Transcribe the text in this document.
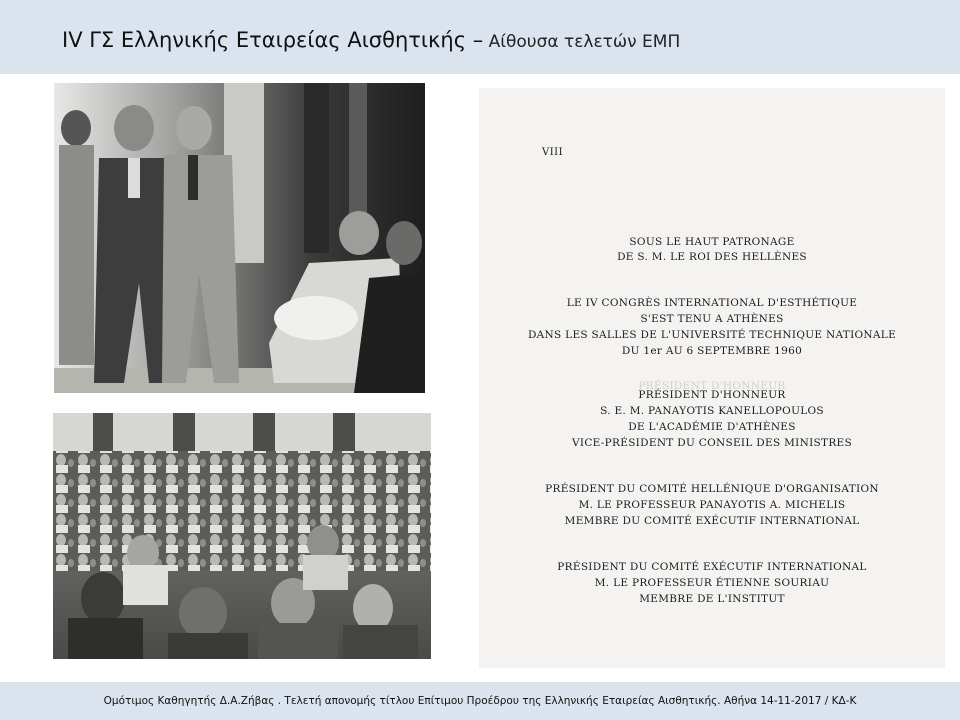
IV ΓΣ Ελληνικής Εταιρείας Αισθητικής – Αίθουσα τελετών ΕΜΠ
VIII
SOUS LE HAUT PATRONAGE
DE S. M. LE ROI DES HELLÈNES
LE IV CONGRÈS INTERNATIONAL D'ESTHÉTIQUE
S'EST TENU A ATHÈNES
DANS LES SALLES DE L'UNIVERSITÉ TECHNIQUE NATIONALE
DU 1er AU 6 SEPTEMBRE 1960
PRÉSIDENT D'HONNEUR
PRÉSIDENT D'HONNEUR
S. E. M. PANAYOTIS KANELLOPOULOS
DE L'ACADÉMIE D'ATHÈNES
VICE-PRÉSIDENT DU CONSEIL DES MINISTRES
PRÉSIDENT DU COMITÉ HELLÉNIQUE D'ORGANISATION
M. LE PROFESSEUR PANAYOTIS A. MICHELIS
MEMBRE DU COMITÉ EXÉCUTIF INTERNATIONAL
PRÉSIDENT DU COMITÉ EXÉCUTIF INTERNATIONAL
M. LE PROFESSEUR ÉTIENNE SOURIAU
MEMBRE DE L'INSTITUT
Ομότιμος Καθηγητής Δ.Α.Ζήβας . Τελετή απονομής τίτλου Επίτιμου Προέδρου της Ελληνικής Εταιρείας Αισθητικής. Αθήνα 14-11-2017 / ΚΔ-Κ
